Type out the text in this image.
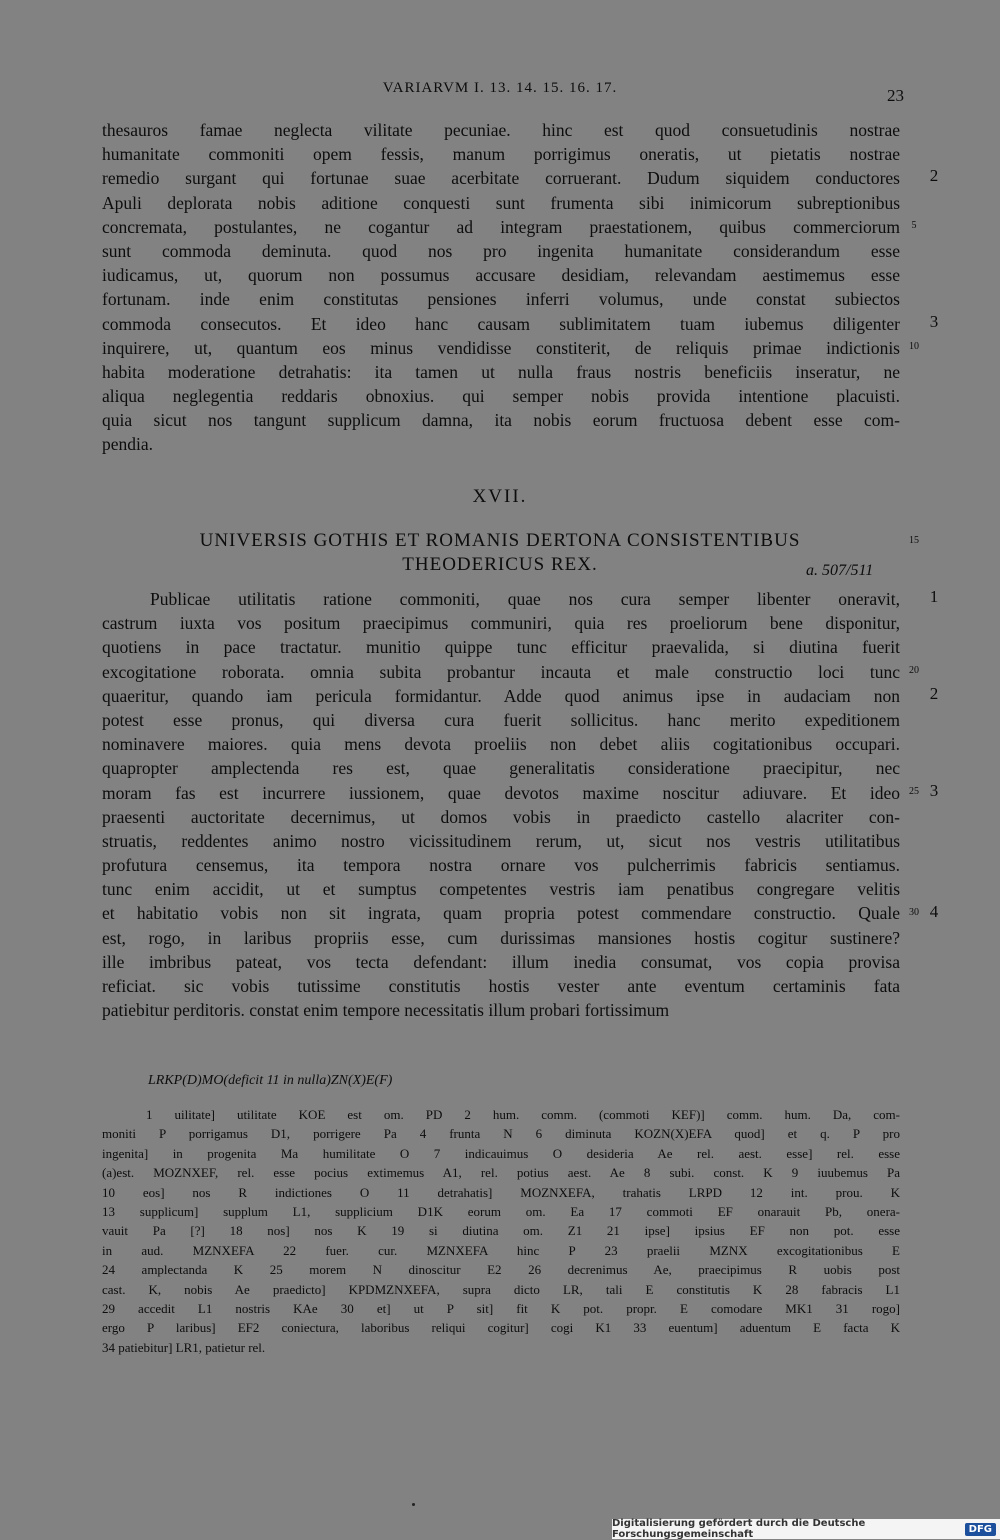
VARIARVM I. 13. 14. 15. 16. 17.	23
thesauros famae neglecta vilitate pecuniae. hinc est quod consuetudinis nostrae
humanitate commoniti opem fessis, manum porrigimus oneratis, ut pietatis nostrae
remedio surgant qui fortunae suae acerbitate corruerant. Dudum siquidem conductores
Apuli deplorata nobis aditione conquesti sunt frumenta sibi inimicorum subreptionibus
concremata, postulantes, ne cogantur ad integram praestationem, quibus commerciorum
sunt commoda deminuta. quod nos pro ingenita humanitate considerandum esse
iudicamus, ut, quorum non possumus accusare desidiam, relevandam aestimemus esse
fortunam. inde enim constitutas pensiones inferri volumus, unde constat subiectos
commoda consecutos. Et ideo hanc causam sublimitatem tuam iubemus diligenter
inquirere, ut, quantum eos minus vendidisse constiterit, de reliquis primae indictionis
habita moderatione detrahatis: ita tamen ut nulla fraus nostris beneficiis inseratur, ne
aliqua neglegentia reddaris obnoxius. qui semper nobis provida intentione placuisti.
quia sicut nos tangunt supplicum damna, ita nobis eorum fructuosa debent esse com-
pendia.
2
5
3
10
XVII.
UNIVERSIS GOTHIS ET ROMANIS DERTONA CONSISTENTIBUS
THEODERICUS REX.
15
a. 507/511
Publicae utilitatis ratione commoniti, quae nos cura semper libenter oneravit,
castrum iuxta vos positum praecipimus communiri, quia res proeliorum bene disponitur,
quotiens in pace tractatur. munitio quippe tunc efficitur praevalida, si diutina fuerit
excogitatione roborata. omnia subita probantur incauta et male constructio loci tunc
quaeritur, quando iam pericula formidantur. Adde quod animus ipse in audaciam non
potest esse pronus, qui diversa cura fuerit sollicitus. hanc merito expeditionem
nominavere maiores. quia mens devota proeliis non debet aliis cogitationibus occupari.
quapropter amplectenda res est, quae generalitatis consideratione praecipitur, nec
moram fas est incurrere iussionem, quae devotos maxime noscitur adiuvare. Et ideo
praesenti auctoritate decernimus, ut domos vobis in praedicto castello alacriter con-
struatis, reddentes animo nostro vicissitudinem rerum, ut, sicut nos vestris utilitatibus
profutura censemus, ita tempora nostra ornare vos pulcherrimis fabricis sentiamus.
tunc enim accidit, ut et sumptus competentes vestris iam penatibus congregare velitis
et habitatio vobis non sit ingrata, quam propria potest commendare constructio. Quale
est, rogo, in laribus propriis esse, cum durissimas mansiones hostis cogitur sustinere?
ille imbribus pateat, vos tecta defendant: illum inedia consumat, vos copia provisa
reficiat. sic vobis tutissime constitutis hostis vester ante eventum certaminis fata
patiebitur perditoris. constat enim tempore necessitatis illum probari fortissimum
1
20
2
25 3
30 4
LRKP(D)MO(deficit 11 in nulla)ZN(X)E(F)
1 uilitate] utilitate KOE est om. PD 2 hum. comm. (commoti KEF)] comm. hum. Da, com-
moniti P porrigamus D1, porrigere Pa 4 frunta N 6 diminuta KOZN(X)EFA quod] et q. P pro
ingenita] in progenita Ma humilitate O 7 indicauimus O desideria Ae rel. aest. esse] rel. esse
(a)est. MOZNXEF, rel. esse pocius extimemus A1, rel. potius aest. Ae 8 subi. const. K 9 iuubemus Pa
10 eos] nos R indictiones O 11 detrahatis] MOZNXEFA, trahatis LRPD 12 int. prou. K
13 supplicum] supplum L1, supplicium D1K eorum om. Ea 17 commoti EF onarauit Pb, onera-
vauit Pa [?] 18 nos] nos K 19 si diutina om. Z1 21 ipse] ipsius EF non pot. esse
in aud. MZNXEFA 22 fuer. cur. MZNXEFA hinc P 23 praelii MZNX excogitationibus E
24 amplectanda K 25 morem N dinoscitur E2 26 decrenimus Ae, praecipimus R uobis post
cast. K, nobis Ae praedicto] KPDMZNXEFA, supra dicto LR, tali E constitutis K 28 fabracis L1
29 accedit L1 nostris KAe 30 et] ut P sit] fit K pot. propr. E comodare MK1 31 rogo]
ergo P laribus] EF2 coniectura, laboribus reliqui cogitur] cogi K1 33 euentum] aduentum E facta K
34 patiebitur] LR1, patietur rel.
Digitalisierung gefördert durch die Deutsche Forschungsgemeinschaft	DFG
